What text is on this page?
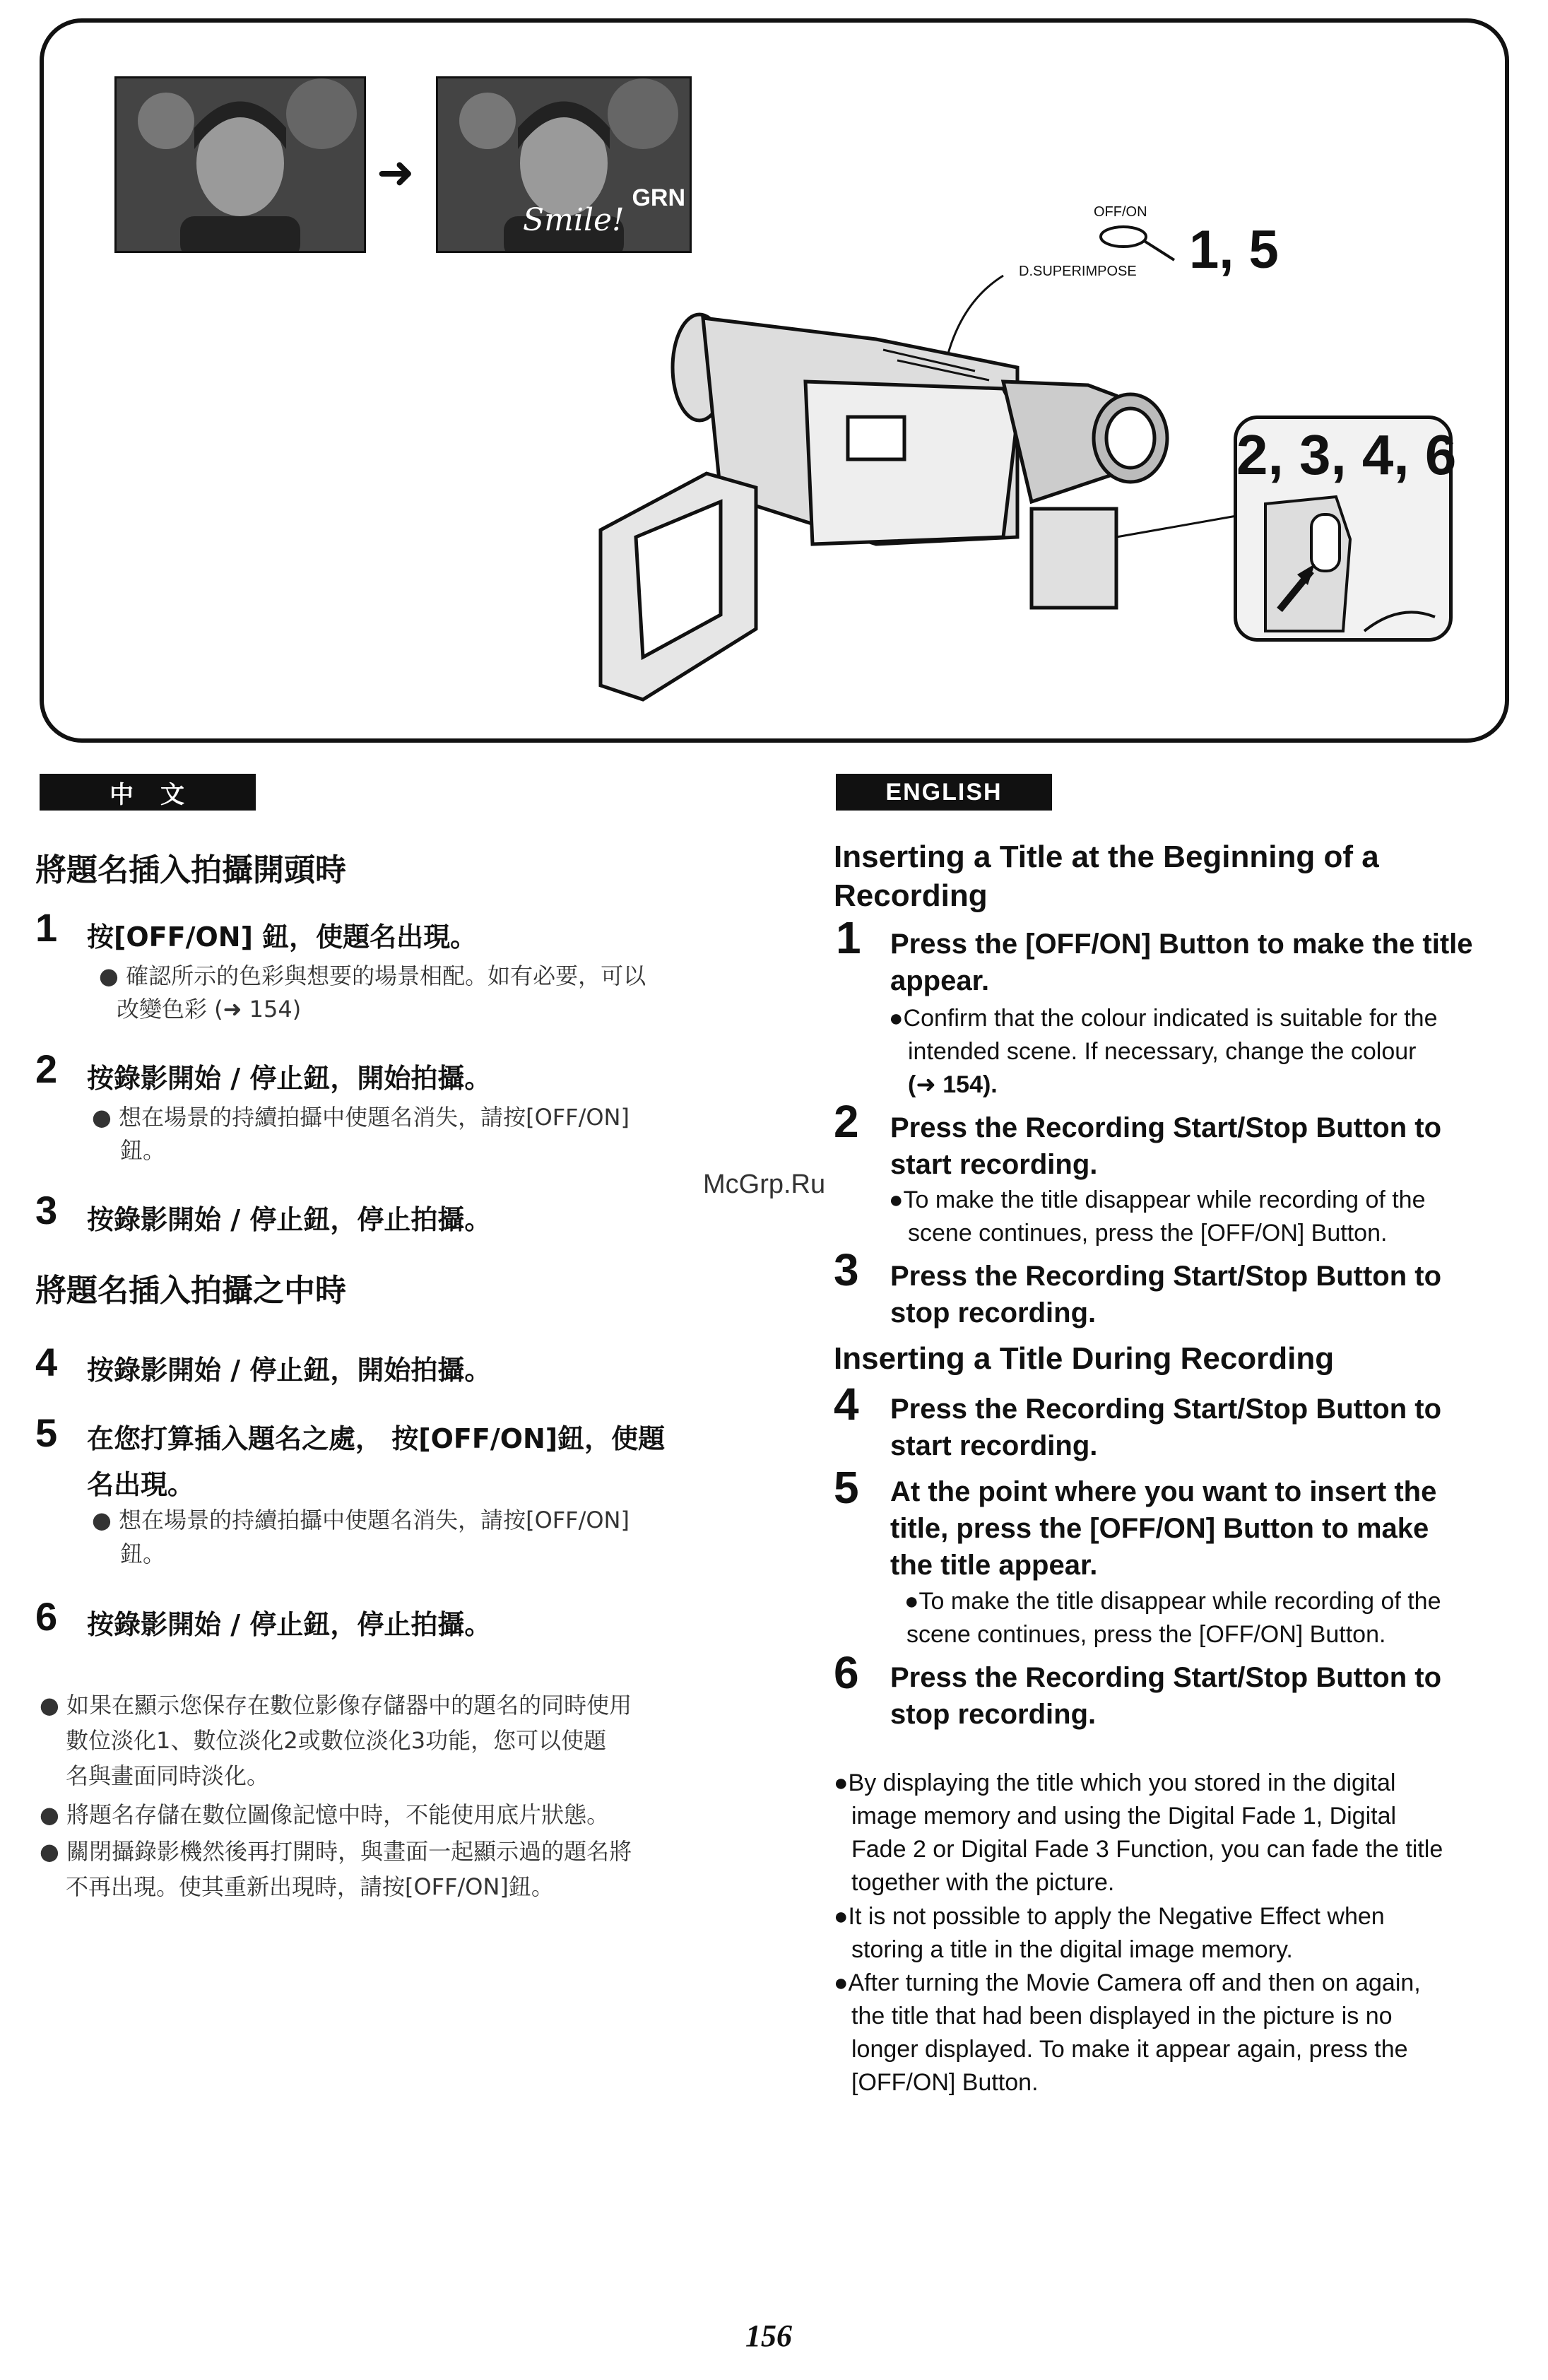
➜
Smile!
GRN
OFF/ON
D.SUPERIMPOSE 1, 5
2, 3, 4, 6
中　文	ENGLISH
將題名插入拍攝開頭時
1 按[OFF/ON] 鈕，使題名出現。
● 確認所示的色彩與想要的場景相配。如有必要，可以
改變色彩 (➜ 154)
2 按錄影開始 / 停止鈕，開始拍攝。
● 想在場景的持續拍攝中使題名消失，請按[OFF/ON]
鈕。
3 按錄影開始 / 停止鈕，停止拍攝。
將題名插入拍攝之中時
4 按錄影開始 / 停止鈕，開始拍攝。
5 在您打算插入題名之處， 按[OFF/ON]鈕，使題
名出現。
● 想在場景的持續拍攝中使題名消失，請按[OFF/ON]
鈕。
6 按錄影開始 / 停止鈕，停止拍攝。
● 如果在顯示您保存在數位影像存儲器中的題名的同時使用
數位淡化1、數位淡化2或數位淡化3功能，您可以使題
名與畫面同時淡化。
● 將題名存儲在數位圖像記憶中時，不能使用底片狀態。
● 關閉攝錄影機然後再打開時，與畫面一起顯示過的題名將
不再出現。使其重新出現時，請按[OFF/ON]鈕。
McGrp.Ru
Inserting a Title at the Beginning of a
Recording
1 Press the [OFF/ON] Button to make the title
appear.
●Confirm that the colour indicated is suitable for the
intended scene. If necessary, change the colour
(➜ 154).
2 Press the Recording Start/Stop Button to
start recording.
●To make the title disappear while recording of the
scene continues, press the [OFF/ON] Button.
3 Press the Recording Start/Stop Button to
stop recording.
Inserting a Title During Recording
4 Press the Recording Start/Stop Button to
start recording.
5 At the point where you want to insert the
title, press the [OFF/ON] Button to make
the title appear.
●To make the title disappear while recording of the
scene continues, press the [OFF/ON] Button.
6 Press the Recording Start/Stop Button to
stop recording.
●By displaying the title which you stored in the digital
image memory and using the Digital Fade 1, Digital
Fade 2 or Digital Fade 3 Function, you can fade the title
together with the picture.
●It is not possible to apply the Negative Effect when
storing a title in the digital image memory.
●After turning the Movie Camera off and then on again,
the title that had been displayed in the picture is no
longer displayed. To make it appear again, press the
[OFF/ON] Button.
156
